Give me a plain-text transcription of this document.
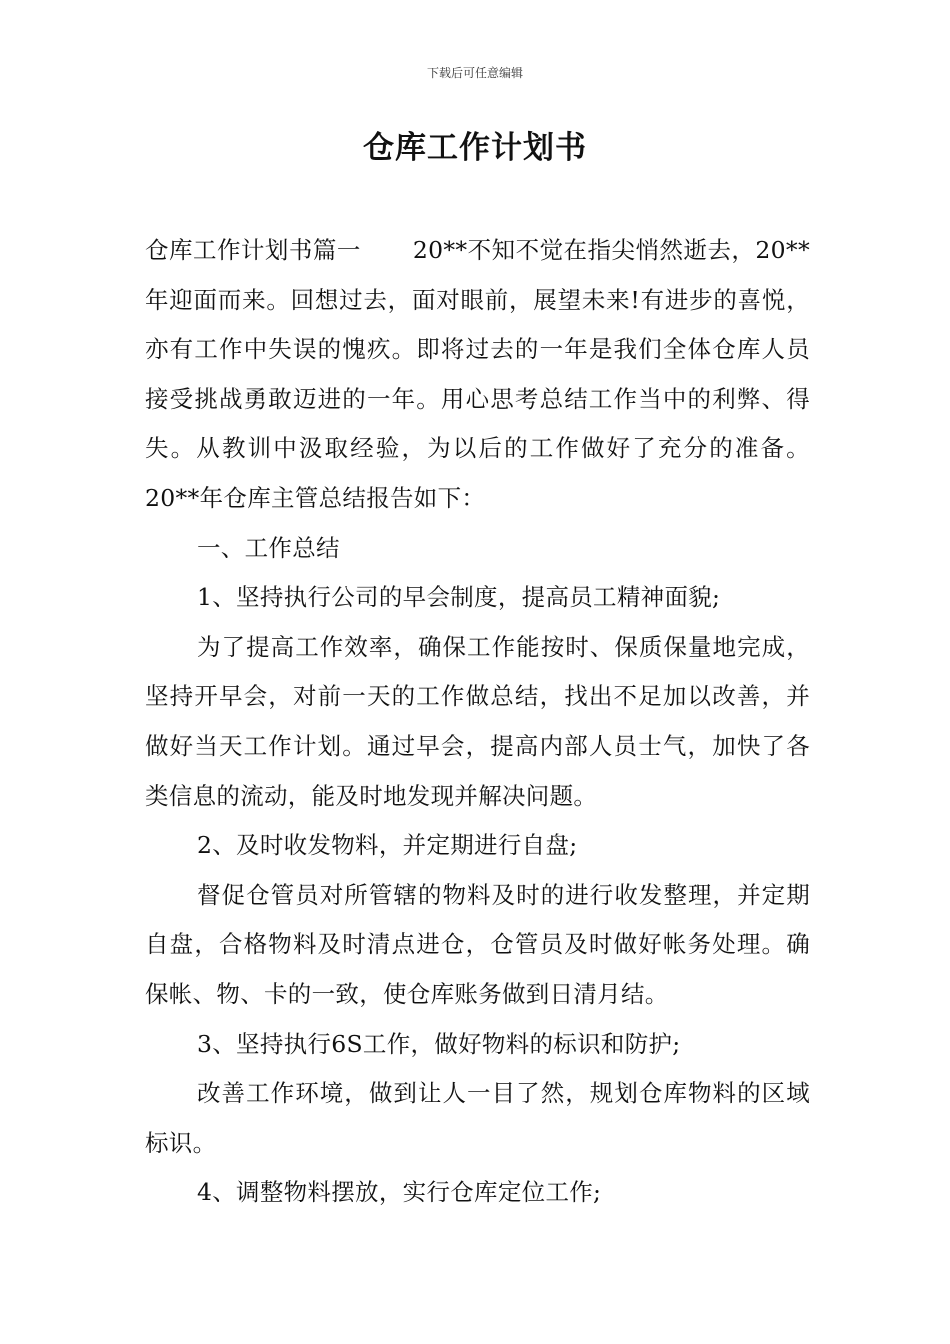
下载后可任意编辑
仓库工作计划书

仓库工作计划书篇一 20**不知不觉在指尖悄然逝去，20**年迎面而来。回想过去，面对眼前，展望未来!有进步的喜悦，亦有工作中失误的愧疚。即将过去的一年是我们全体仓库人员接受挑战勇敢迈进的一年。用心思考总结工作当中的利弊、得失。从教训中汲取经验，为以后的工作做好了充分的准备。20**年仓库主管总结报告如下：

一、工作总结

1、坚持执行公司的早会制度，提高员工精神面貌;

为了提高工作效率，确保工作能按时、保质保量地完成，坚持开早会，对前一天的工作做总结，找出不足加以改善，并做好当天工作计划。通过早会，提高内部人员士气，加快了各类信息的流动，能及时地发现并解决问题。

2、及时收发物料，并定期进行自盘;

督促仓管员对所管辖的物料及时的进行收发整理，并定期自盘，合格物料及时清点进仓，仓管员及时做好帐务处理。确保帐、物、卡的一致，使仓库账务做到日清月结。

3、坚持执行6S工作，做好物料的标识和防护;

改善工作环境，做到让人一目了然，规划仓库物料的区域标识。

4、调整物料摆放，实行仓库定位工作;
